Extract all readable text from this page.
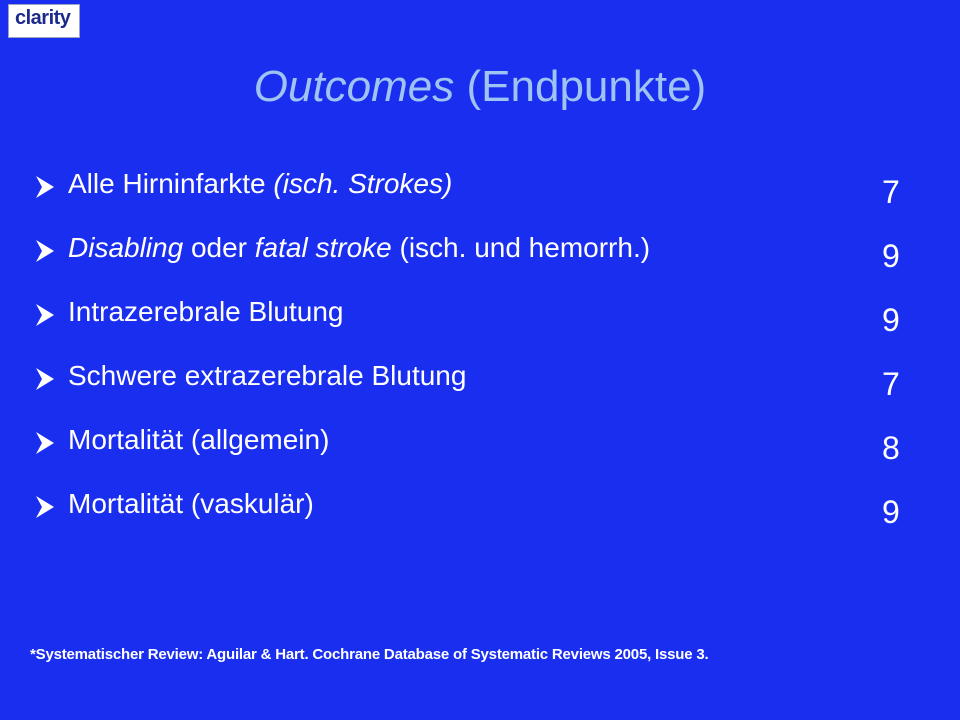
clarity
Outcomes (Endpunkte)
Alle Hirninfarkte (isch. Strokes)	7
Disabling oder fatal stroke (isch. und hemorrh.)	9
Intrazerebrale Blutung	9
Schwere extrazerebrale Blutung	7
Mortalität (allgemein)	8
Mortalität (vaskulär)	9
*Systematischer Review: Aguilar & Hart. Cochrane Database of Systematic Reviews 2005, Issue 3.
